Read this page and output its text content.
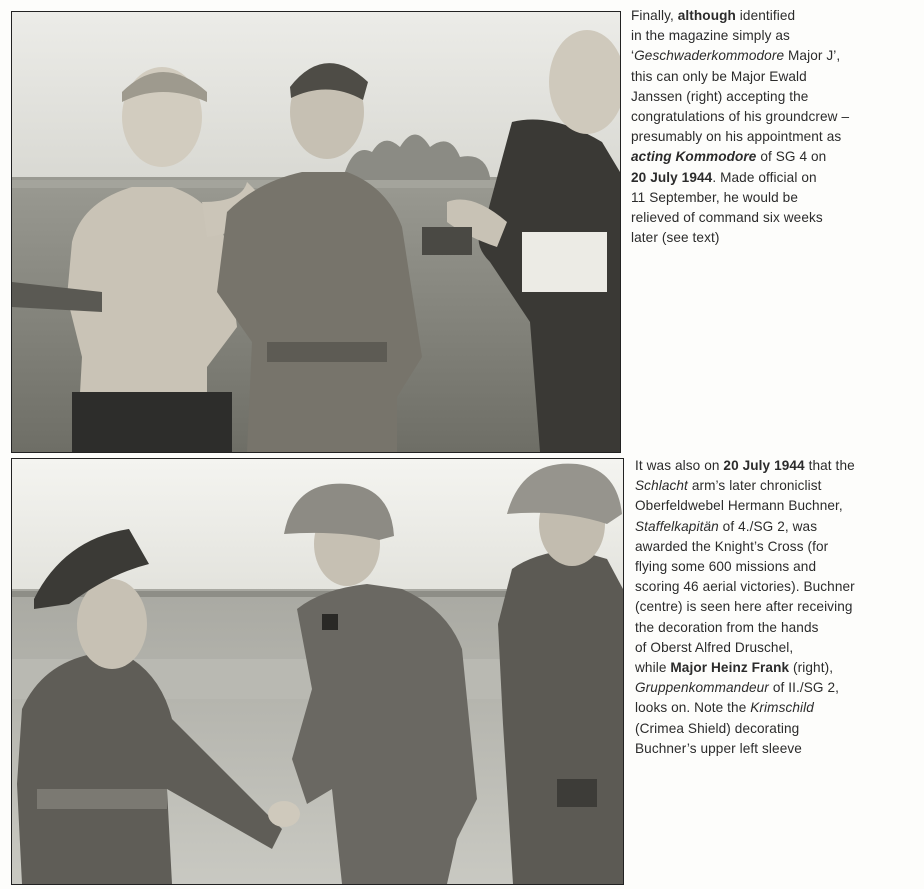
Finally, although identified
in the magazine simply as
‘Geschwaderkommodore Major J’,
this can only be Major Ewald
Janssen (right) accepting the
congratulations of his groundcrew –
presumably on his appointment as
acting Kommodore of SG 4 on
20 July 1944. Made official on
11 September, he would be
relieved of command six weeks
later (see text)
It was also on 20 July 1944 that the
Schlacht arm’s later chroniclist
Oberfeldwebel Hermann Buchner,
Staffelkapitän of 4./SG 2, was
awarded the Knight’s Cross (for
flying some 600 missions and
scoring 46 aerial victories). Buchner
(centre) is seen here after receiving
the decoration from the hands
of Oberst Alfred Druschel,
while Major Heinz Frank (right),
Gruppenkommandeur of II./SG 2,
looks on. Note the Krimschild
(Crimea Shield) decorating
Buchner’s upper left sleeve
